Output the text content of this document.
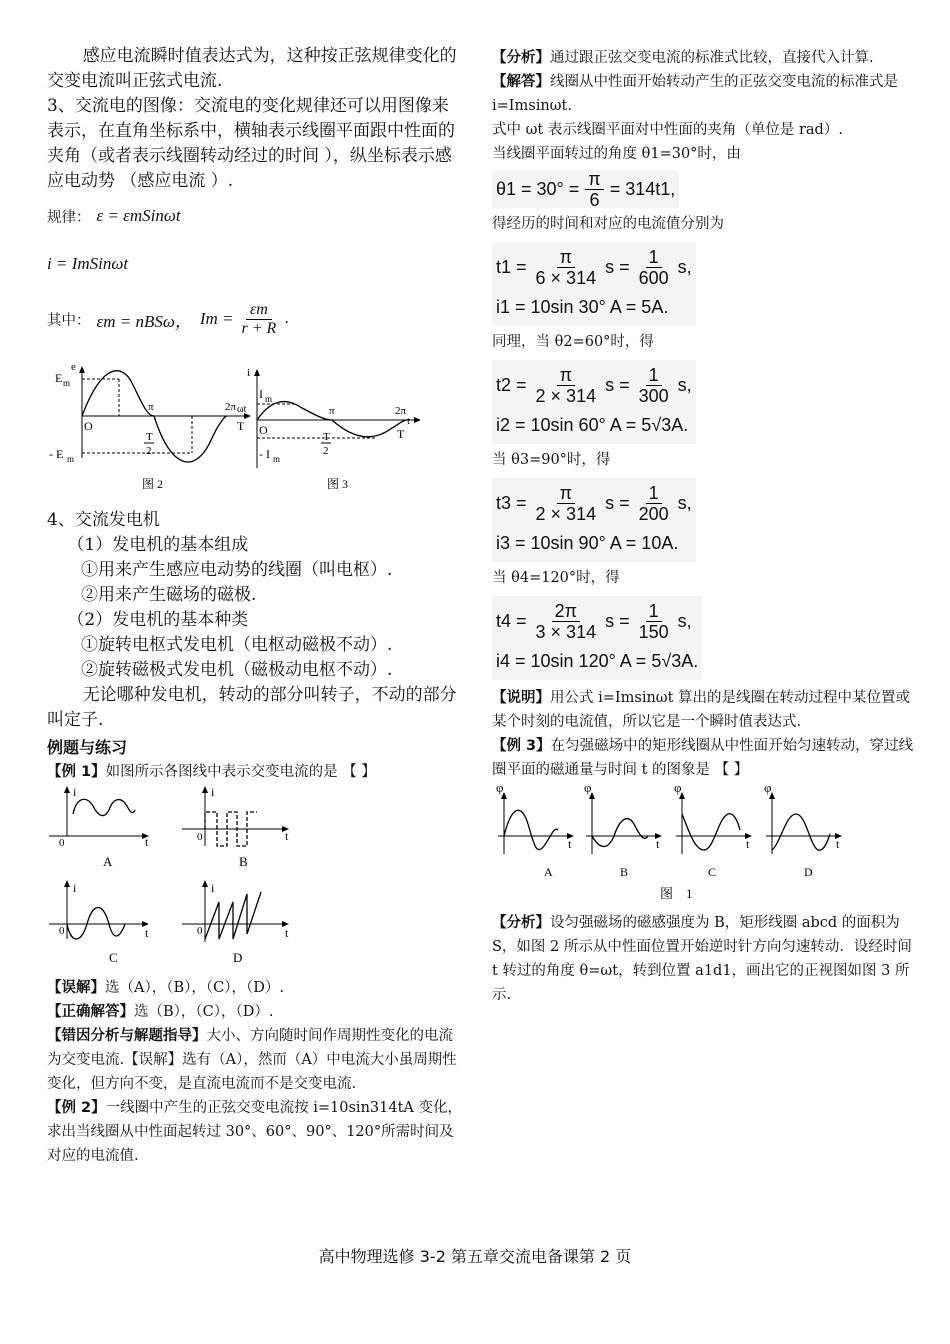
感应电流瞬时值表达式为，这种按正弦规律变化的交变电流叫正弦式电流.

3、交流电的图像：交流电的变化规律还可以用图像来表示，在直角坐标系中，横轴表示线圈平面跟中性面的夹角（或者表示线圈转动经过的时间 ），纵坐标表示感应电动势 （感应电流 ）.

规律： ε = εmSinωt
i = ImSinωt
其中： εm = nBSω， $Im = \frac{\varepsilon m}{r + R}$ .
e
E m
- E m
O
π	2π ωt
T
T
2
图 2
i
I m
- I m
O
π	2π
t
T
T
2
图 3

4、交流发电机

（1）发电机的基本组成

①用来产生感应电动势的线圈（叫电枢）.

②用来产生磁场的磁极.

（2）发电机的基本种类

①旋转电枢式发电机（电枢动磁极不动）.

②旋转磁极式发电机（磁极动电枢不动）.

无论哪种发电机，转动的部分叫转子，不动的部分叫定子.

例题与练习

【例 1】如图所示各图线中表示交变电流的是 【 】

i
0	t
A
i
0	t
B
i
0	t
C
i
0	t
D

【误解】选（A），（B），（C），（D）.

【正确解答】选（B），（C），（D）.

【错因分析与解题指导】大小、方向随时间作周期性变化的电流为交变电流.【误解】选有（A），然而（A）中电流大小虽周期性变化，但方向不变，是直流电流而不是交变电流.

【例 2】一线圈中产生的正弦交变电流按 i=10sin314tA 变化，求出当线圈从中性面起转过 30°、60°、90°、120°所需时间及对应的电流值.

【分析】通过跟正弦交变电流的标准式比较，直接代入计算.

【解答】线圈从中性面开始转动产生的正弦交变电流的标准式是

i=Imsinωt.

式中 ωt 表示线圈平面对中性面的夹角（单位是 rad）.

当线圈平面转过的角度 θ1=30°时，由

$\theta 1 = 30^\circ = \frac{\pi}{6} = 314t1$,

得经历的时间和对应的电流值分别为

$t1 = \frac{\pi}{6 \times 314}$ $s = \frac{1}{600} s$,
i1 = 10sin 30° A = 5A.

同理，当 θ2=60°时，得

$t2 = \frac{\pi}{2 \times 314}$ $s = \frac{1}{300} s$,
i2 = 10sin 60° A = 5√3A.

当 θ3=90°时，得

$t3 = \frac{\pi}{2 \times 314}$ $s = \frac{1}{200} s$,
i3 = 10sin 90° A = 10A.

当 θ4=120°时，得

$t4 = \frac{2\pi}{3 \times 314}$ $s = \frac{1}{150} s$,
i4 = 10sin 120° A = 5√3A.

【说明】用公式 i=Imsinωt 算出的是线圈在转动过程中某位置或某个时刻的电流值，所以它是一个瞬时值表达式.

【例 3】在匀强磁场中的矩形线圈从中性面开始匀速转动，穿过线圈平面的磁通量与时间 t 的图象是 【 】

φ
t
A
φ
t
B
φ
t
C
φ
t
D
图　1

【分析】设匀强磁场的磁感强度为 B，矩形线圈 abcd 的面积为 S，如图 2 所示从中性面位置开始逆时针方向匀速转动．设经时间 t 转过的角度 θ=ωt，转到位置 a1d1，画出它的正视图如图 3 所示.

高中物理选修 3-2 第五章交流电备课第 2 页
